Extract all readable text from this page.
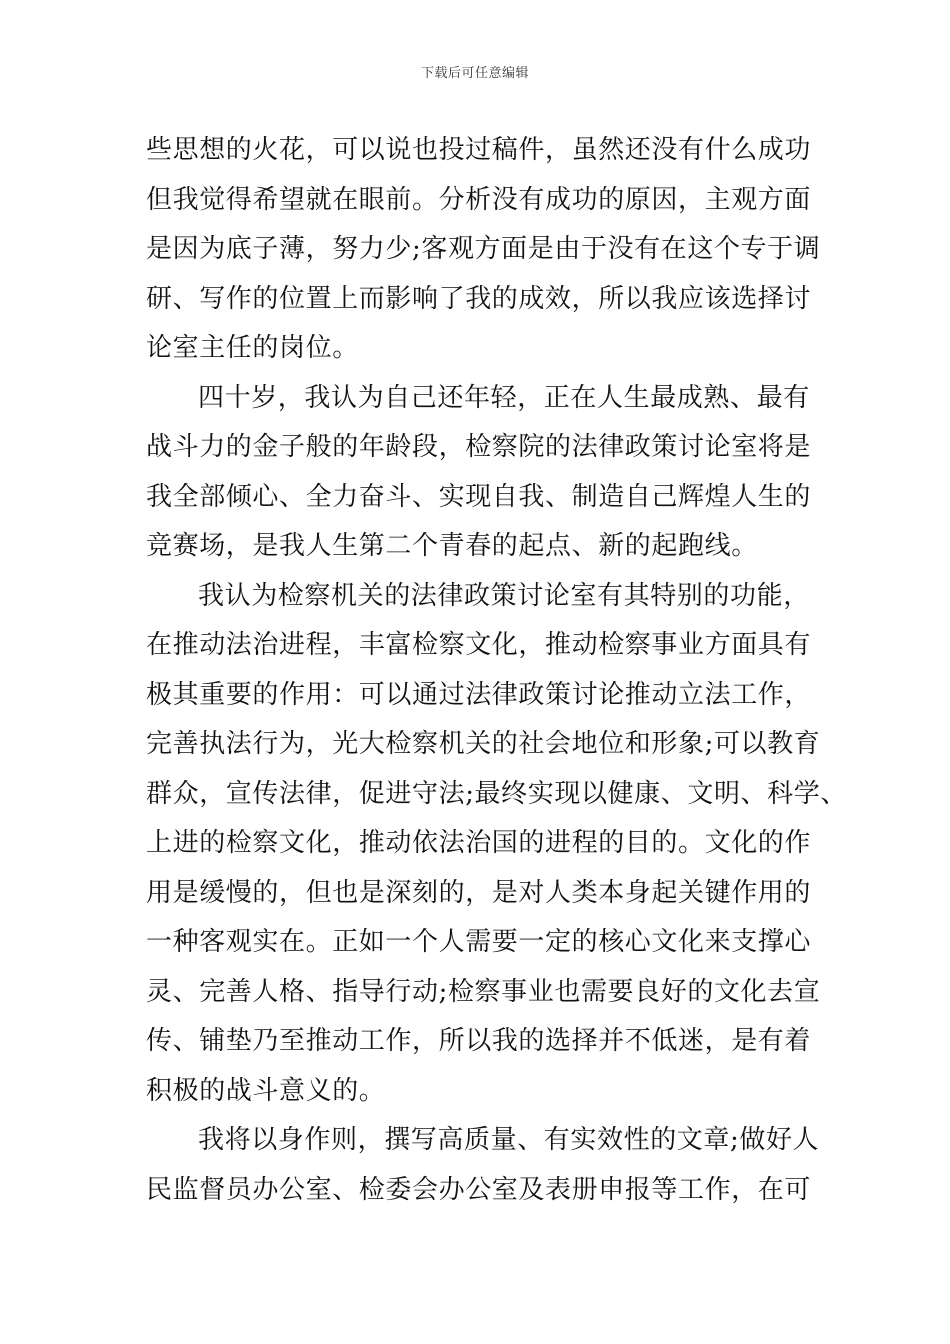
下载后可任意编辑
些思想的火花，可以说也投过稿件，虽然还没有什么成功
但我觉得希望就在眼前。分析没有成功的原因，主观方面
是因为底子薄，努力少;客观方面是由于没有在这个专于调
研、写作的位置上而影响了我的成效，所以我应该选择讨
论室主任的岗位。
四十岁，我认为自己还年轻，正在人生最成熟、最有
战斗力的金子般的年龄段，检察院的法律政策讨论室将是
我全部倾心、全力奋斗、实现自我、制造自己辉煌人生的
竞赛场，是我人生第二个青春的起点、新的起跑线。
我认为检察机关的法律政策讨论室有其特别的功能，
在推动法治进程，丰富检察文化，推动检察事业方面具有
极其重要的作用：可以通过法律政策讨论推动立法工作，
完善执法行为，光大检察机关的社会地位和形象;可以教育
群众，宣传法律，促进守法;最终实现以健康、文明、科学、
上进的检察文化，推动依法治国的进程的目的。文化的作
用是缓慢的，但也是深刻的，是对人类本身起关键作用的
一种客观实在。正如一个人需要一定的核心文化来支撑心
灵、完善人格、指导行动;检察事业也需要良好的文化去宣
传、铺垫乃至推动工作，所以我的选择并不低迷，是有着
积极的战斗意义的。
我将以身作则，撰写高质量、有实效性的文章;做好人
民监督员办公室、检委会办公室及表册申报等工作，在可
